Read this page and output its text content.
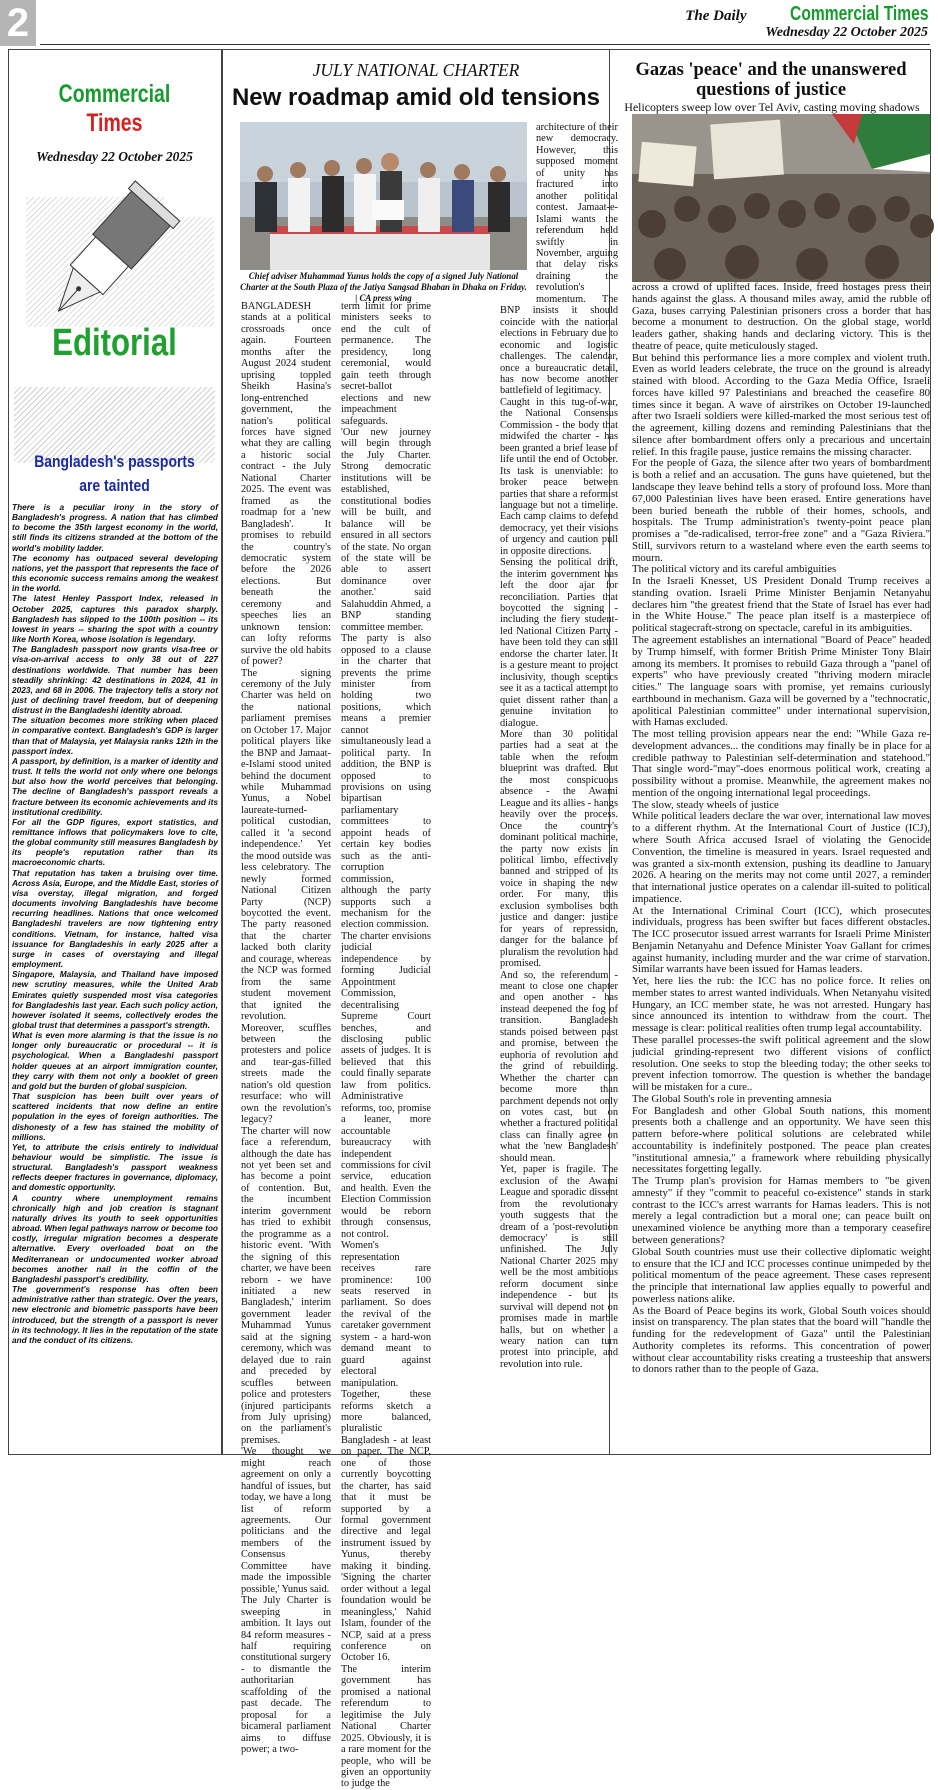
2	The Daily Commercial Times
Wednesday 22 October 2025
Commercial Times
Wednesday 22 October 2025
Editorial
Bangladesh's passports
are tainted

There is a peculiar irony in the story of Bangladesh's progress. A nation that has climbed to become the 35th largest economy in the world, still finds its citizens stranded at the bottom of the world's mobility ladder.

The economy has outpaced several developing nations, yet the passport that represents the face of this economic success remains among the weakest in the world.

The latest Henley Passport Index, released in October 2025, captures this paradox sharply. Bangladesh has slipped to the 100th position -- its lowest in years -- sharing the spot with a country like North Korea, whose isolation is legendary.

The Bangladesh passport now grants visa-free or visa-on-arrival access to only 38 out of 227 destinations worldwide. That number has been steadily shrinking: 42 destinations in 2024, 41 in 2023, and 68 in 2006. The trajectory tells a story not just of declining travel freedom, but of deepening distrust in the Bangladeshi identity abroad.

The situation becomes more striking when placed in comparative context. Bangladesh's GDP is larger than that of Malaysia, yet Malaysia ranks 12th in the passport index.

A passport, by definition, is a marker of identity and trust. It tells the world not only where one belongs but also how the world perceives that belonging. The decline of Bangladesh's passport reveals a fracture between its economic achievements and its institutional credibility.

For all the GDP figures, export statistics, and remittance inflows that policymakers love to cite, the global community still measures Bangladesh by its people's reputation rather than its macroeconomic charts.

That reputation has taken a bruising over time. Across Asia, Europe, and the Middle East, stories of visa overstay, illegal migration, and forged documents involving Bangladeshis have become recurring headlines. Nations that once welcomed Bangladeshi travelers are now tightening entry conditions. Vietnam, for instance, halted visa issuance for Bangladeshis in early 2025 after a surge in cases of overstaying and illegal employment.

Singapore, Malaysia, and Thailand have imposed new scrutiny measures, while the United Arab Emirates quietly suspended most visa categories for Bangladeshis last year. Each such policy action, however isolated it seems, collectively erodes the global trust that determines a passport's strength.

What is even more alarming is that the issue is no longer only bureaucratic or procedural -- it is psychological. When a Bangladeshi passport holder queues at an airport immigration counter, they carry with them not only a booklet of green and gold but the burden of global suspicion.

That suspicion has been built over years of scattered incidents that now define an entire population in the eyes of foreign authorities. The dishonesty of a few has stained the mobility of millions.

Yet, to attribute the crisis entirely to individual behaviour would be simplistic. The issue is structural. Bangladesh's passport weakness reflects deeper fractures in governance, diplomacy, and domestic opportunity.

A country where unemployment remains chronically high and job creation is stagnant naturally drives its youth to seek opportunities abroad. When legal pathways narrow or become too costly, irregular migration becomes a desperate alternative. Every overloaded boat on the Mediterranean or undocumented worker abroad becomes another nail in the coffin of the Bangladeshi passport's credibility.

The government's response has often been administrative rather than strategic. Over the years, new electronic and biometric passports have been introduced, but the strength of a passport is never in its technology. It lies in the reputation of the state and the conduct of its citizens.

JULY NATIONAL CHARTER
New roadmap amid old tensions
Chief adviser Muhammad Yunus holds the copy of a signed July National Charter at the South Plaza of the Jatiya Sangsad Bhaban in Dhaka on Friday. | CA press wing

BANGLADESH stands at a political crossroads once again. Fourteen months after the August 2024 student uprising toppled Sheikh Hasina's long-entrenched government, the nation's political forces have signed what they are calling a historic social contract - the July National Charter 2025. The event was framed as the roadmap for a 'new Bangladesh'. It promises to rebuild the country's democratic system before the 2026 elections. But beneath the ceremony and speeches lies an unknown tension: can lofty reforms survive the old habits of power?

The signing ceremony of the July Charter was held on the national parliament premises on October 17. Major political players like the BNP and Jamaat-e-Islami stood united behind the document while Muhammad Yunus, a Nobel laureate-turned-political custodian, called it 'a second independence.' Yet the mood outside was less celebratory. The newly formed National Citizen Party (NCP) boycotted the event. The party reasoned that the charter lacked both clarity and courage, whereas the NCP was formed from the same student movement that ignited the revolution. Moreover, scuffles between the protesters and police and tear-gas-filled streets made the nation's old question resurface: who will own the revolution's legacy?

The charter will now face a referendum, although the date has not yet been set and has become a point of contention. But, the incumbent interim government has tried to exhibit the programme as a historic event. 'With the signing of this charter, we have been reborn - we have initiated a new Bangladesh,' interim government leader Muhammad Yunus said at the signing ceremony, which was delayed due to rain and preceded by scuffles between police and protesters (injured participants from July uprising) on the parliament's premises.

'We thought we might reach agreement on only a handful of issues, but today, we have a long list of reform agreements. Our politicians and the members of the Consensus Committee have made the impossible possible,' Yunus said.

The July Charter is sweeping in ambition. It lays out 84 reform measures - half requiring constitutional surgery - to dismantle the authoritarian scaffolding of the past decade. The proposal for a bicameral parliament aims to diffuse power; a two-

term limit for prime ministers seeks to end the cult of permanence. The presidency, long ceremonial, would gain teeth through secret-ballot elections and new impeachment safeguards.

'Our new journey will begin through the July Charter. Strong democratic institutions will be established, constitutional bodies will be built, and balance will be ensured in all sectors of the state. No organ of the state will be able to assert dominance over another.' said Salahuddin Ahmed, a BNP standing committee member.

The party is also opposed to a clause in the charter that prevents the prime minister from holding two positions, which means a premier cannot simultaneously lead a political party. In addition, the BNP is opposed to provisions on using bipartisan parliamentary committees to appoint heads of certain key bodies such as the anti-corruption commission, although the party supports such a mechanism for the election commission.

The charter envisions judicial independence by forming Judicial Appointment Commission, decentralising Supreme Court benches, and disclosing public assets of judges. It is believed that this could finally separate law from politics. Administrative reforms, too, promise a leaner, more accountable bureaucracy with independent commissions for civil service, education and health. Even the Election Commission would be reborn through consensus, not control.

Women's representation receives rare prominence: 100 seats reserved in parliament. So does the revival of the caretaker government system - a hard-won demand meant to guard against electoral manipulation. Together, these reforms sketch a more balanced, pluralistic Bangladesh - at least on paper. The NCP, one of those currently boycotting the charter, has said that it must be supported by a formal government directive and legal instrument issued by Yunus, thereby making it binding. 'Signing the charter order without a legal foundation would be meaningless,' Nahid Islam, founder of the NCP, said at a press conference on October 16.

The interim government has promised a national referendum to legitimise the July National Charter 2025. Obviously, it is a rare moment for the people, who will be given an opportunity to judge the

architecture of their new democracy. However, this supposed moment of unity has fractured into another political contest. Jamaat-e-Islami wants the referendum held swiftly in November, arguing that delay risks draining the revolution's momentum. The BNP insists it should coincide with the national elections in February due to economic and logistic challenges. The calendar, once a bureaucratic detail, has now become another battlefield of legitimacy.

Caught in this tug-of-war, the National Consensus Commission - the body that midwifed the charter - has been granted a brief lease of life until the end of October. Its task is unenviable: to broker peace between parties that share a reformist language but not a timeline. Each camp claims to defend democracy, yet their visions of urgency and caution pull in opposite directions.

Sensing the political drift, the interim government has left the door ajar for reconciliation. Parties that boycotted the signing - including the fiery student-led National Citizen Party - have been told they can still endorse the charter later. It is a gesture meant to project inclusivity, though sceptics see it as a tactical attempt to quiet dissent rather than a genuine invitation to dialogue.

More than 30 political parties had a seat at the table when the reform blueprint was drafted. But the most conspicuous absence - the Awami League and its allies - hangs heavily over the process. Once the country's dominant political machine, the party now exists in political limbo, effectively banned and stripped of its voice in shaping the new order. For many, this exclusion symbolises both justice and danger: justice for years of repression, danger for the balance of pluralism the revolution had promised.

And so, the referendum - meant to close one chapter and open another - has instead deepened the fog of transition. Bangladesh stands poised between past and promise, between the euphoria of revolution and the grind of rebuilding. Whether the charter can become more than parchment depends not only on votes cast, but on whether a fractured political class can finally agree on what the 'new Bangladesh' should mean.

Yet, paper is fragile. The exclusion of the Awami League and sporadic dissent from the revolutionary youth suggests that the dream of a 'post-revolution democracy' is still unfinished. The July National Charter 2025 may well be the most ambitious reform document since independence - but its survival will depend not on promises made in marble halls, but on whether a weary nation can turn protest into principle, and revolution into rule.

Gazas 'peace' and the unanswered questions of justice
Helicopters sweep low over Tel Aviv, casting moving shadows

across a crowd of uplifted faces. Inside, freed hostages press their hands against the glass. A thousand miles away, amid the rubble of Gaza, buses carrying Palestinian prisoners cross a border that has become a monument to destruction. On the global stage, world leaders gather, shaking hands and declaring victory. This is the theatre of peace, quite meticulously staged.

But behind this performance lies a more complex and violent truth. Even as world leaders celebrate, the truce on the ground is already stained with blood. According to the Gaza Media Office, Israeli forces have killed 97 Palestinians and breached the ceasefire 80 times since it began. A wave of airstrikes on October 19-launched after two Israeli soldiers were killed-marked the most serious test of the agreement, killing dozens and reminding Palestinians that the silence after bombardment offers only a precarious and uncertain relief. In this fragile pause, justice remains the missing character.

For the people of Gaza, the silence after two years of bombardment is both a relief and an accusation. The guns have quietened, but the landscape they leave behind tells a story of profound loss. More than 67,000 Palestinian lives have been erased. Entire generations have been buried beneath the rubble of their homes, schools, and hospitals. The Trump administration's twenty-point peace plan promises a "de-radicalised, terror-free zone" and a "Gaza Riviera." Still, survivors return to a wasteland where even the earth seems to mourn.

The political victory and its careful ambiguities

In the Israeli Knesset, US President Donald Trump receives a standing ovation. Israeli Prime Minister Benjamin Netanyahu declares him "the greatest friend that the State of Israel has ever had in the White House." The peace plan itself is a masterpiece of political stagecraft-strong on spectacle, careful in its ambiguities.

The agreement establishes an international "Board of Peace" headed by Trump himself, with former British Prime Minister Tony Blair among its members. It promises to rebuild Gaza through a "panel of experts" who have previously created "thriving modern miracle cities." The language soars with promise, yet remains curiously earthbound in mechanism. Gaza will be governed by a "technocratic, apolitical Palestinian committee" under international supervision, with Hamas excluded.

The most telling provision appears near the end: "While Gaza re-development advances... the conditions may finally be in place for a credible pathway to Palestinian self-determination and statehood." That single word-"may"-does enormous political work, creating a possibility without a promise. Meanwhile, the agreement makes no mention of the ongoing international legal proceedings.

The slow, steady wheels of justice

While political leaders declare the war over, international law moves to a different rhythm. At the International Court of Justice (ICJ), where South Africa accused Israel of violating the Genocide Convention, the timeline is measured in years. Israel requested and was granted a six-month extension, pushing its deadline to January 2026. A hearing on the merits may not come until 2027, a reminder that international justice operates on a calendar ill-suited to political impatience.

At the International Criminal Court (ICC), which prosecutes individuals, progress has been swifter but faces different obstacles. The ICC prosecutor issued arrest warrants for Israeli Prime Minister Benjamin Netanyahu and Defence Minister Yoav Gallant for crimes against humanity, including murder and the war crime of starvation. Similar warrants have been issued for Hamas leaders.

Yet, here lies the rub: the ICC has no police force. It relies on member states to arrest wanted individuals. When Netanyahu visited Hungary, an ICC member state, he was not arrested. Hungary has since announced its intention to withdraw from the court. The message is clear: political realities often trump legal accountability.

These parallel processes-the swift political agreement and the slow judicial grinding-represent two different visions of conflict resolution. One seeks to stop the bleeding today; the other seeks to prevent infection tomorrow. The question is whether the bandage will be mistaken for a cure..

The Global South's role in preventing amnesia

For Bangladesh and other Global South nations, this moment presents both a challenge and an opportunity. We have seen this pattern before-where political solutions are celebrated while accountability is indefinitely postponed. The peace plan creates "institutional amnesia," a framework where rebuilding physically necessitates forgetting legally.

The Trump plan's provision for Hamas members to "be given amnesty" if they "commit to peaceful co-existence" stands in stark contrast to the ICC's arrest warrants for Hamas leaders. This is not merely a legal contradiction but a moral one; can peace built on unexamined violence be anything more than a temporary ceasefire between generations?

Global South countries must use their collective diplomatic weight to ensure that the ICJ and ICC processes continue unimpeded by the political momentum of the peace agreement. These cases represent the principle that international law applies equally to powerful and powerless nations alike.

As the Board of Peace begins its work, Global South voices should insist on transparency. The plan states that the board will "handle the funding for the redevelopment of Gaza" until the Palestinian Authority completes its reforms. This concentration of power without clear accountability risks creating a trusteeship that answers to donors rather than to the people of Gaza.
